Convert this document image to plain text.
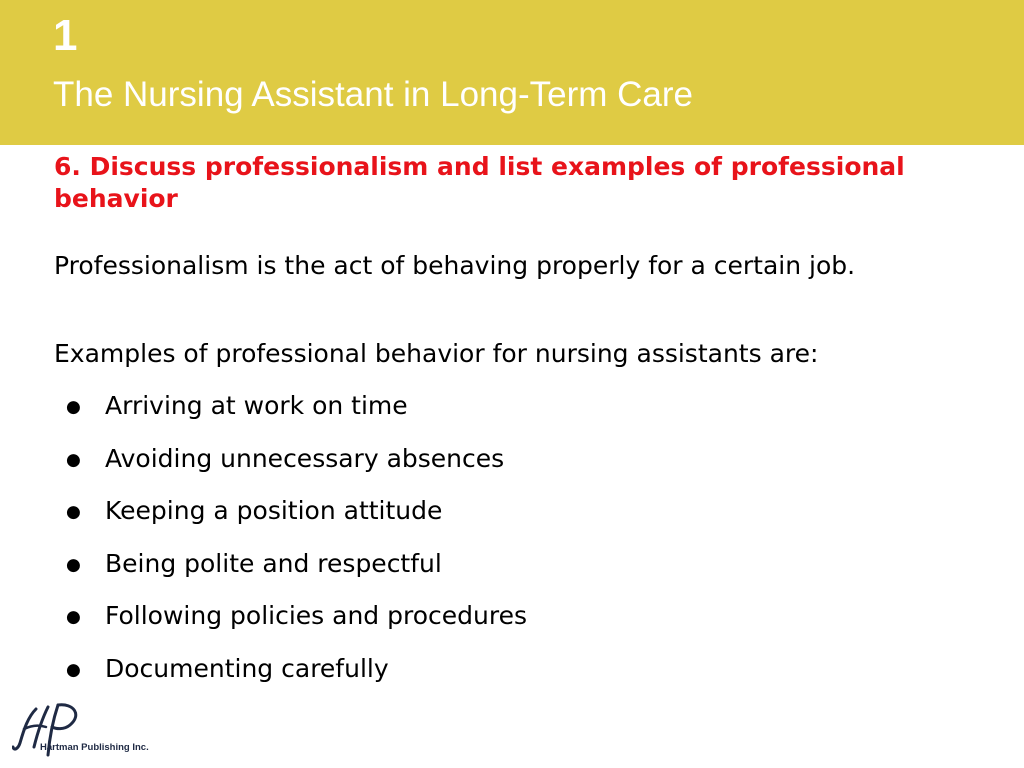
1
The Nursing Assistant in Long-Term Care
6. Discuss professionalism and list examples of professional behavior
Professionalism is the act of behaving properly for a certain job.
Examples of professional behavior for nursing assistants are:
● Arriving at work on time
● Avoiding unnecessary absences
● Keeping a position attitude
● Being polite and respectful
● Following policies and procedures
● Documenting carefully
Hartman Publishing Inc.
